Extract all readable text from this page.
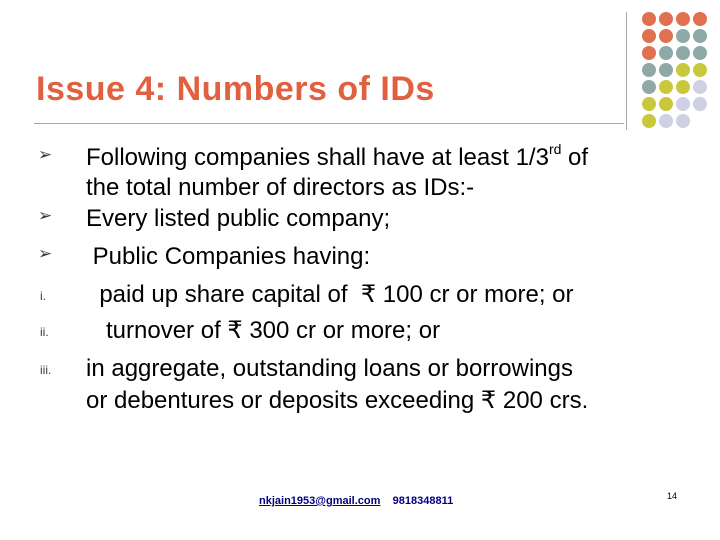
Issue 4: Numbers of IDs
➢ Following companies shall have at least 1/3rd of
the total number of directors as IDs:-
➢ Every listed public company;
➢ Public Companies having:
i. paid up share capital of  ₹ 100 cr or more; or
ii. turnover of ₹ 300 cr or more; or
iii. in aggregate, outstanding loans or borrowings
or debentures or deposits exceeding ₹ 200 crs.
nkjain1953@gmail.com 9818348811	14
